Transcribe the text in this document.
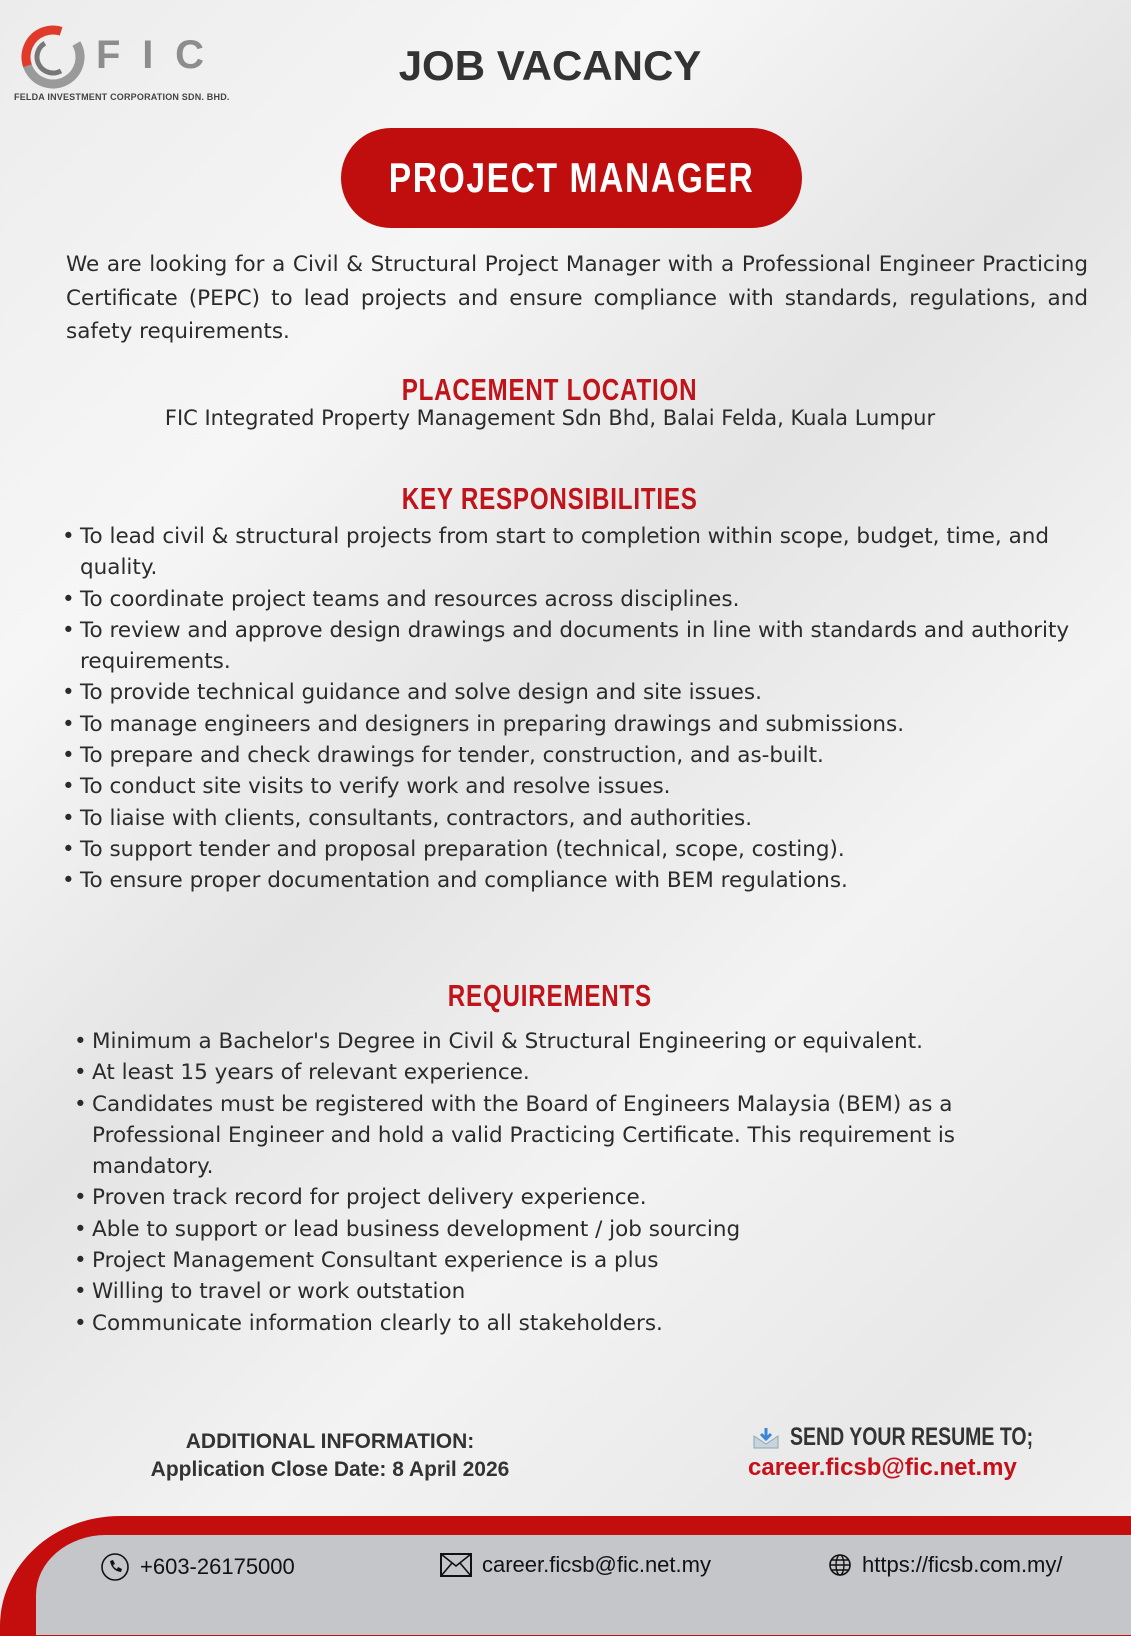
FIC
FELDA INVESTMENT CORPORATION SDN. BHD.
JOB VACANCY
PROJECT MANAGER

We are looking for a Civil & Structural Project Manager with a Professional Engineer Practicing Certificate (PEPC) to lead projects and ensure compliance with standards, regulations, and safety requirements.

PLACEMENT LOCATION
FIC Integrated Property Management Sdn Bhd, Balai Felda, Kuala Lumpur
KEY RESPONSIBILITIES
• To lead civil & structural projects from start to completion within scope, budget, time, and quality.
• To coordinate project teams and resources across disciplines.
• To review and approve design drawings and documents in line with standards and authority requirements.
• To provide technical guidance and solve design and site issues.
• To manage engineers and designers in preparing drawings and submissions.
• To prepare and check drawings for tender, construction, and as-built.
• To conduct site visits to verify work and resolve issues.
• To liaise with clients, consultants, contractors, and authorities.
• To support tender and proposal preparation (technical, scope, costing).
• To ensure proper documentation and compliance with BEM regulations.
REQUIREMENTS
• Minimum a Bachelor's Degree in Civil & Structural Engineering or equivalent.
• At least 15 years of relevant experience.
• Candidates must be registered with the Board of Engineers Malaysia (BEM) as a Professional Engineer and hold a valid Practicing Certificate. This requirement is mandatory.
• Proven track record for project delivery experience.
• Able to support or lead business development / job sourcing
• Project Management Consultant experience is a plus
• Willing to travel or work outstation
• Communicate information clearly to all stakeholders.
ADDITIONAL INFORMATION:
Application Close Date: 8 April 2026
SEND YOUR RESUME TO;
career.ficsb@fic.net.my
+603-26175000	career.ficsb@fic.net.my	https://ficsb.com.my/
